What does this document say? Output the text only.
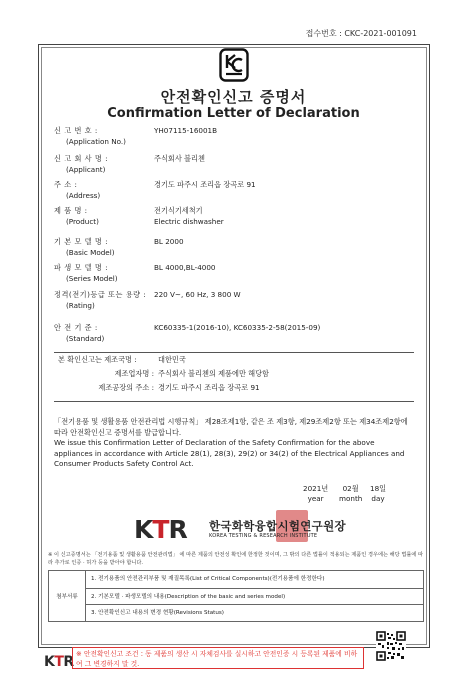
접수번호 : CKC-2021-001091
안전확인신고 증명서
Confirmation Letter of Declaration
신 고 번 호 :
(Application No.)
YH07115-16001B
신 고 회 사 명 :
(Applicant)
주식회사 블리첸
주 소 :
(Address)
경기도 파주시 조리읍 장곡로 91
제 품 명 :
(Product)
전기식기세척기
Electric dishwasher
기 본 모 델 명 :
(Basic Model)
BL 2000
파 생 모 델 명 :
(Series Model)
BL 4000,BL-4000
정격(전기)등급 또는 용량 :
(Rating)
220 V~, 60 Hz, 3 800 W
안 전 기 준 :
(Standard)
KC60335-1(2016-10), KC60335-2-58(2015-09)
본 확인신고는 제조국명 :	대한민국
제조업자명 : 주식회사 블리첸의 제품에만 해당함
제조공장의 주소 : 경기도 파주시 조리읍 장곡로 91

「전기용품 및 생활용품 안전관리법 시행규칙」 제28조제1항, 같은 조 제3항, 제29조제2항 또는 제34조제2항에 따라 안전확인신고 증명서를 발급합니다.

We issue this Confirmation Letter of Declaration of the Safety Confirmation for the above appliances in accordance with Article 28(1), 28(3), 29(2) or 34(2) of the Electrical Appliances and Consumer Products Safety Control Act.

2021년
year
02월
month
18일
day
KTR 한국화학융합시험연구원장
KOREA TESTING & RESEARCH INSTITUTE
※ 이 신고증명서는 「전기용품 및 생활용품 안전관리법」 에 따른 제품의 안전성 확인에 한정한 것이며, 그 밖의 다른 법률이 적용되는 제품인 경우에는 해당 법률에 따라 추가로 인증 · 허가 등을 받아야 합니다.
첨부서류
1. 전기용품의 안전관리부품 및 재질목록(List of Critical Components)(전기용품에 한정한다)
2. 기본모델 · 파생모델의 내용(Description of the basic and series model)
3. 안전확인신고 내용의 변경 현황(Revisions Status)
KTR ※ 안전확인신고 조건 : 동 제품의 생산 시 자체검사를 실시하고 안전인증 시 등록된 제품에 비하여 그 변경하지 말 것.
